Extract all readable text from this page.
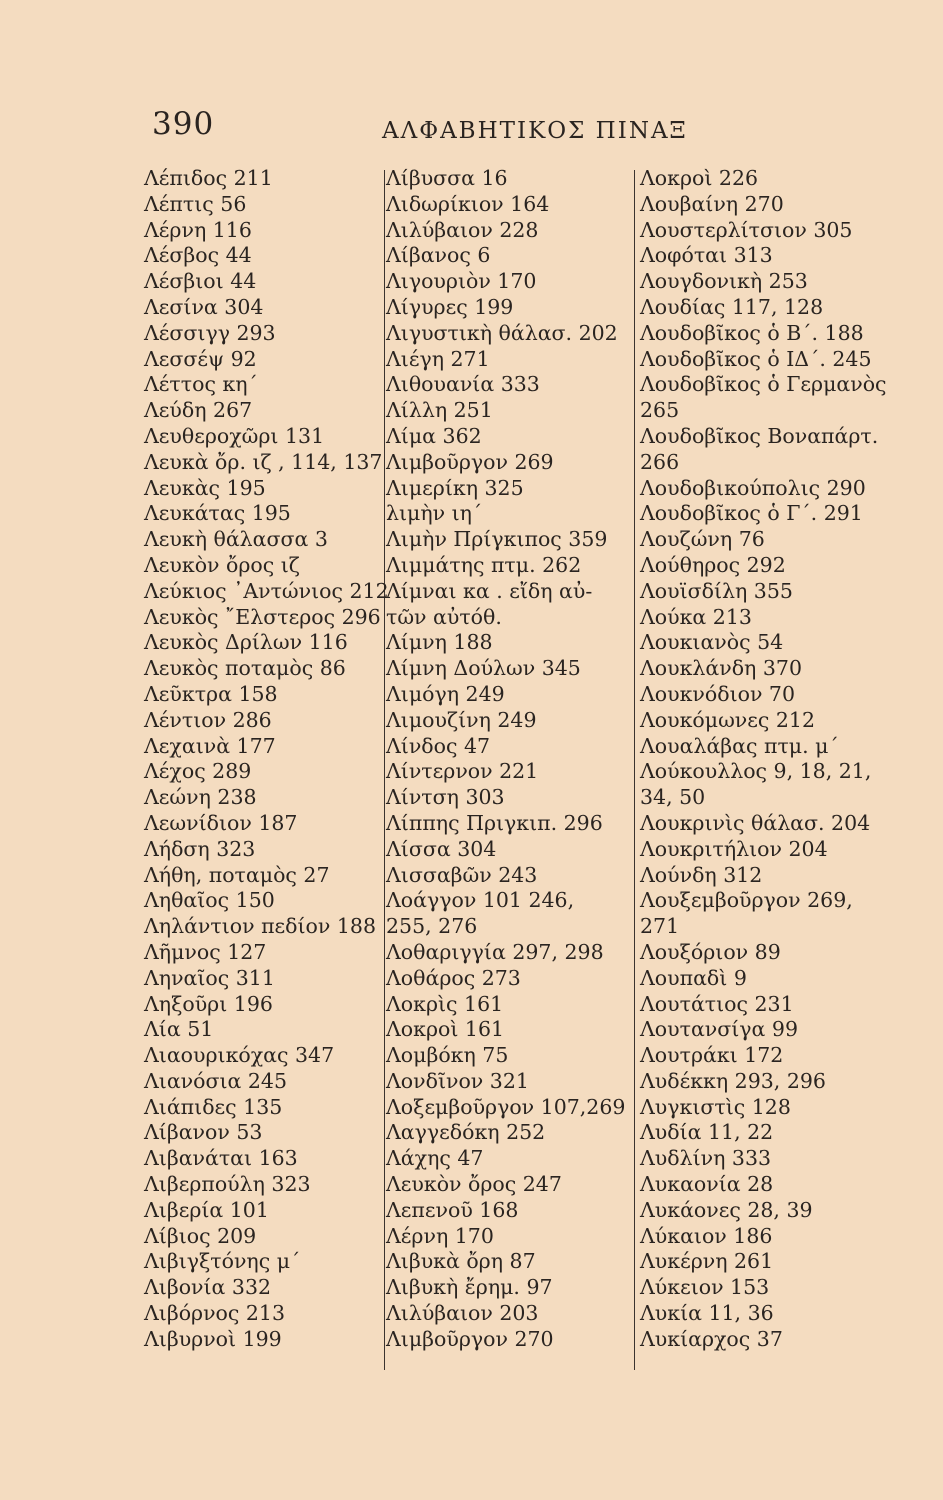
390	ΑΛΦΑΒΗΤΙΚΟΣ ΠΙΝΑΞ
Λέπιδος 211
Λέπτις 56
Λέρνη 116
Λέσβος 44
Λέσβιοι 44
Λεσίνα 304
Λέσσιγγ 293
Λεσσέψ 92
Λέττος κη΄
Λεύδη 267
Λευθεροχῶρι 131
Λευκὰ ὄρ. ιζ , 114, 137
Λευκὰς 195
Λευκάτας 195
Λευκὴ θάλασσα 3
Λευκὸν ὄρος ιζ
Λεύκιος ᾿Αντώνιος 212
Λευκὸς ῎Ελστερος 296
Λευκὸς Δρίλων 116
Λευκὸς ποταμὸς 86
Λεῦκτρα 158
Λέντιον 286
Λεχαινὰ 177
Λέχος 289
Λεώνη 238
Λεωνίδιον 187
Λήδση 323
Λήθη, ποταμὸς 27
Ληθαῖος 150
Ληλάντιον πεδίον 188
Λῆμνος 127
Ληναῖος 311
Ληξοῦρι 196
Λία 51
Λιαουρικόχας 347
Λιανόσια 245
Λιάπιδες 135
Λίβανον 53
Λιβανάται 163
Λιβερπούλη 323
Λιβερία 101
Λίβιος 209
Λιβιγξτόνης μ΄
Λιβονία 332
Λιβόρνος 213
Λιβυρνοὶ 199
Λίβυσσα 16
Λιδωρίκιον 164
Λιλύβαιον 228
Λίβανος 6
Λιγουριὸν 170
Λίγυρες 199
Λιγυστικὴ θάλασ. 202
Λιέγη 271
Λιθουανία 333
Λίλλη 251
Λίμα 362
Λιμβοῦργον 269
Λιμερίκη 325
λιμὴν ιη΄
Λιμὴν Πρίγκιπος 359
Λιμμάτης πτμ. 262
Λίμναι κα . εἴδη αὐ-
τῶν αὐτόθ.
Λίμνη 188
Λίμνη Δούλων 345
Λιμόγη 249
Λιμουζίνη 249
Λίνδος 47
Λίντερνον 221
Λίντση 303
Λίππης Πριγκιπ. 296
Λίσσα 304
Λισσαβῶν 243
Λοάγγον 101 246,
255, 276
Λοθαριγγία 297, 298
Λοθάρος 273
Λοκρὶς 161
Λοκροὶ 161
Λομβόκη 75
Λονδῖνον 321
Λοξεμβοῦργον 107,269
Λαγγεδόκη 252
Λάχης 47
Λευκὸν ὄρος 247
Λεπενοῦ 168
Λέρνη 170
Λιβυκὰ ὄρη 87
Λιβυκὴ ἔρημ. 97
Λιλύβαιον 203
Λιμβοῦργον 270
Λοκροὶ 226
Λουβαίνη 270
Λουστερλίτσιον 305
Λοφόται 313
Λουγδονικὴ 253
Λουδίας 117, 128
Λουδοβῖκος ὁ Β΄. 188
Λουδοβῖκος ὁ ΙΔ΄. 245
Λουδοβῖκος ὁ Γερμανὸς
265
Λουδοβῖκος Βοναπάρτ.
266
Λουδοβικούπολις 290
Λουδοβῖκος ὁ Γ΄. 291
Λουζώνη 76
Λούθηρος 292
Λουϊσδίλη 355
Λούκα 213
Λουκιανὸς 54
Λουκλάνδη 370
Λουκνόδιον 70
Λουκόμωνες 212
Λουαλάβας πτμ. μ΄
Λούκουλλος 9, 18, 21,
34, 50
Λουκρινὶς θάλασ. 204
Λουκριτήλιον 204
Λούνδη 312
Λουξεμβοῦργον 269,
271
Λουξόριον 89
Λουπαδὶ 9
Λουτάτιος 231
Λουτανσίγα 99
Λουτράκι 172
Λυδέκκη 293, 296
Λυγκιστὶς 128
Λυδία 11, 22
Λυδλίνη 333
Λυκαονία 28
Λυκάονες 28, 39
Λύκαιον 186
Λυκέρνη 261
Λύκειον 153
Λυκία 11, 36
Λυκίαρχος 37
